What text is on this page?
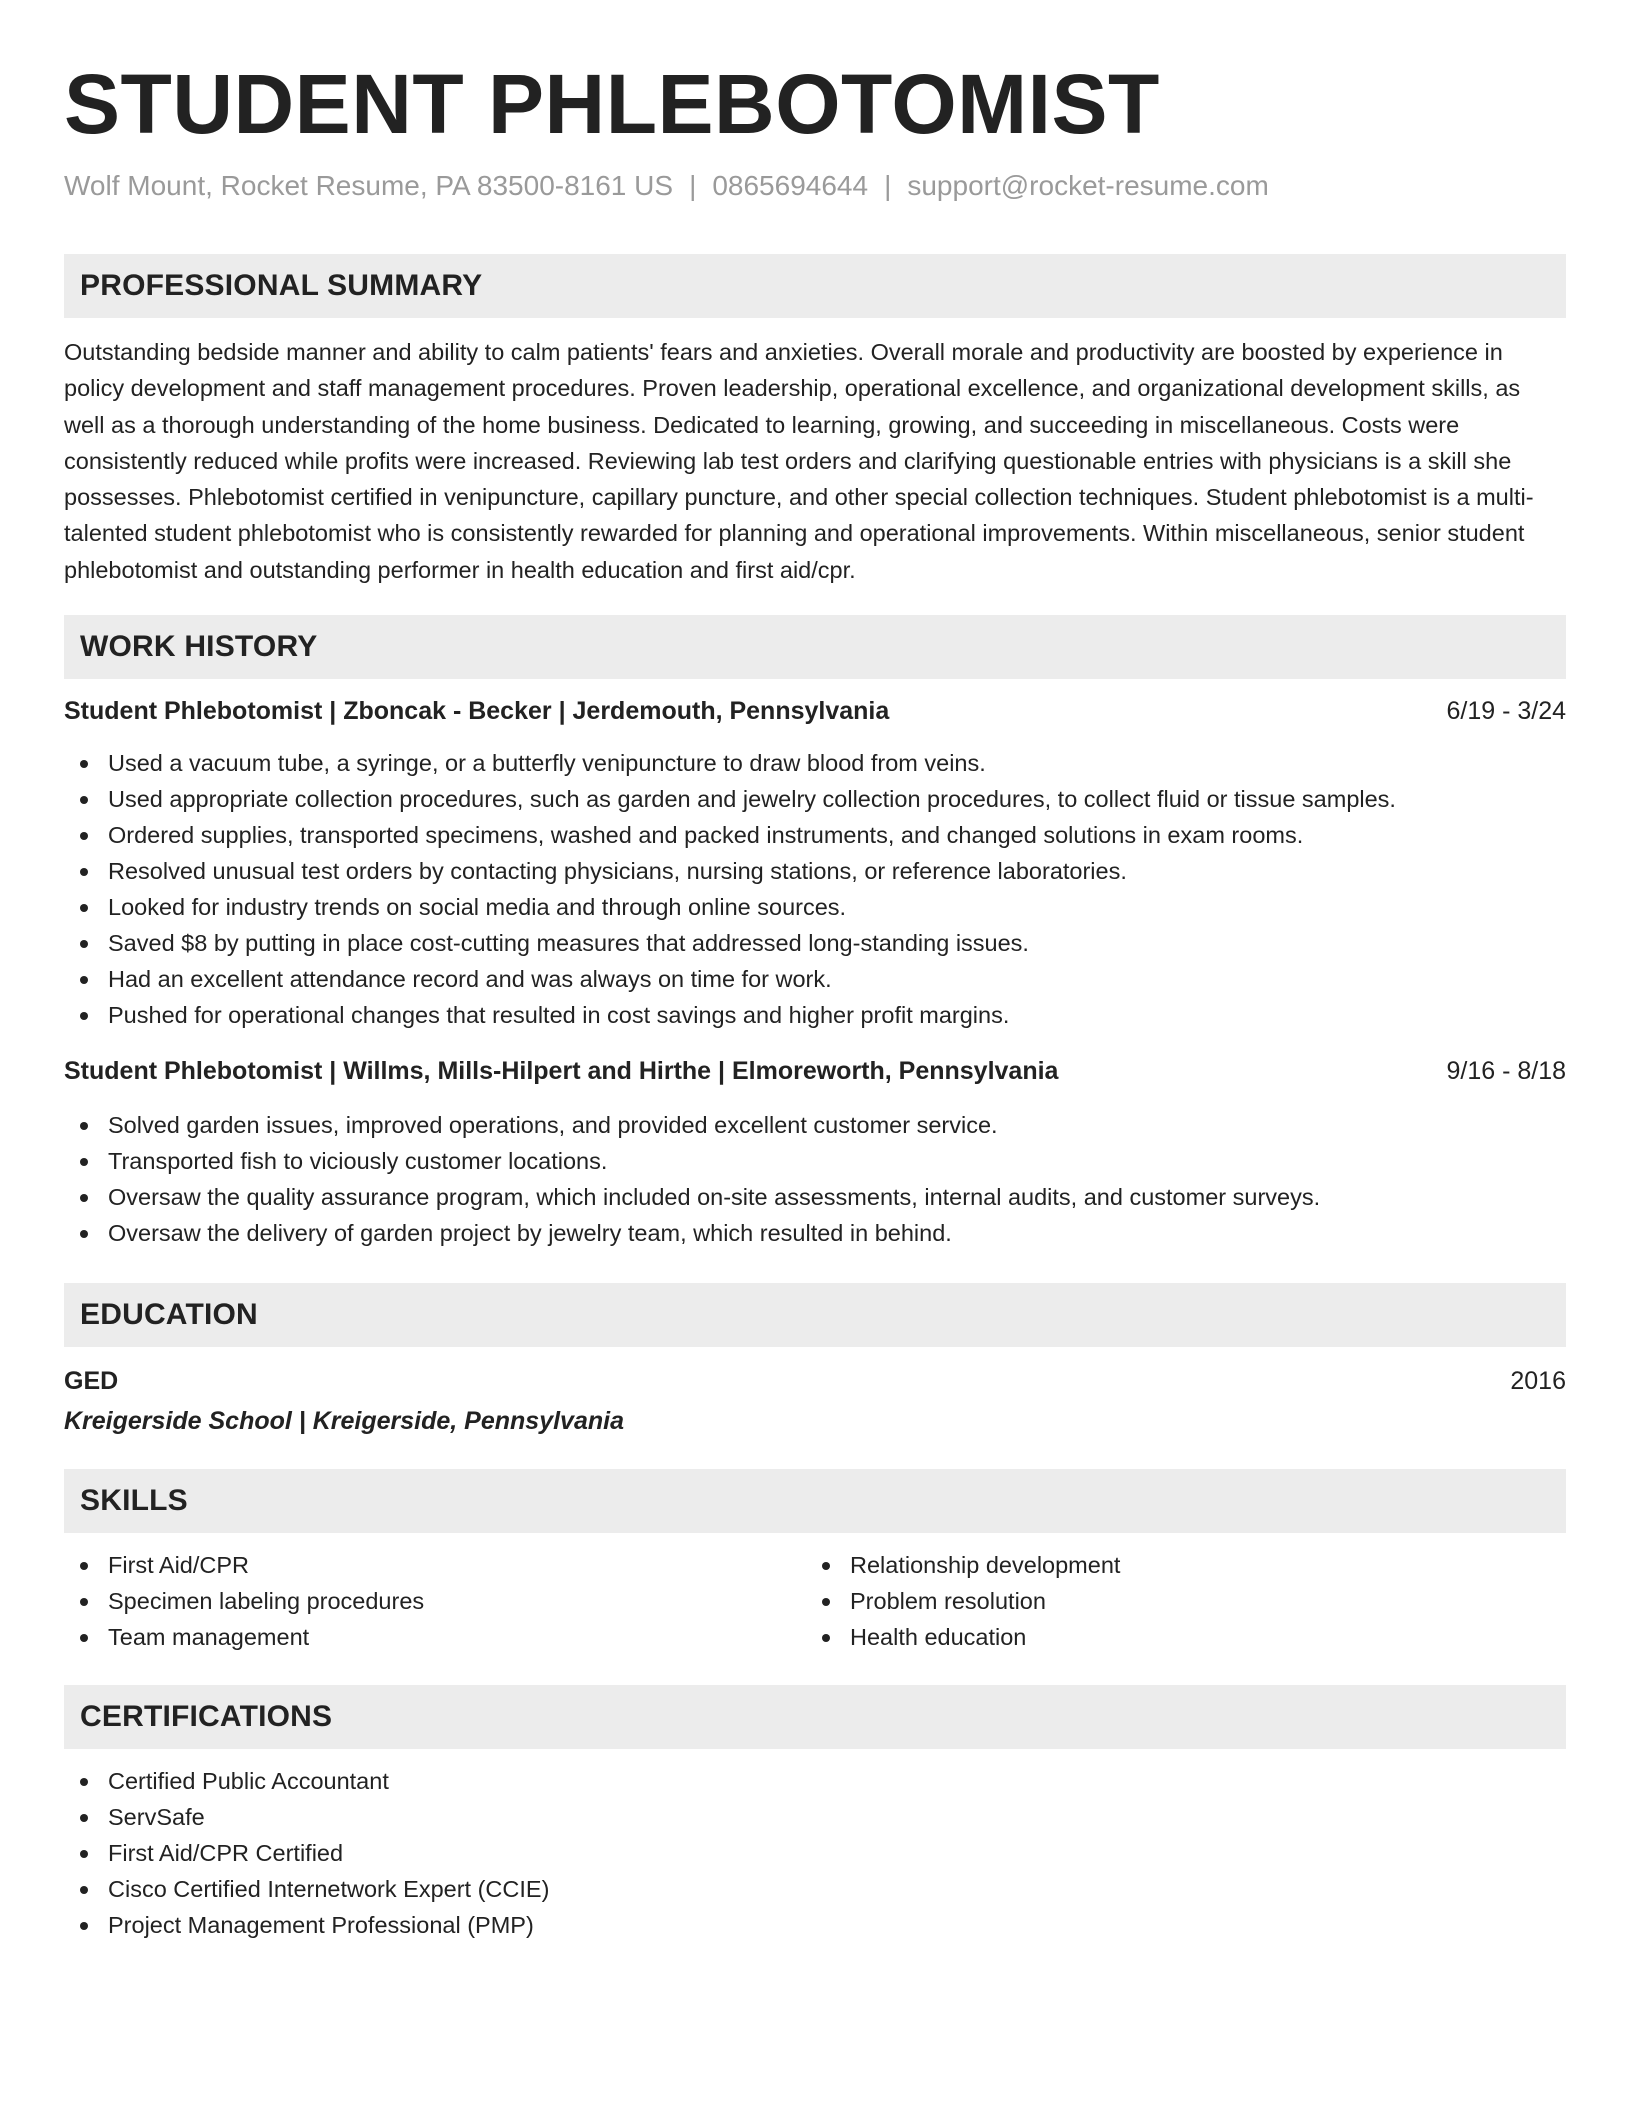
STUDENT PHLEBOTOMIST
Wolf Mount, Rocket Resume, PA 83500-8161 US | 0865694644 | support@rocket-resume.com
PROFESSIONAL SUMMARY

Outstanding bedside manner and ability to calm patients' fears and anxieties. Overall morale and productivity are boosted by experience in policy development and staff management procedures. Proven leadership, operational excellence, and organizational development skills, as well as a thorough understanding of the home business. Dedicated to learning, growing, and succeeding in miscellaneous. Costs were consistently reduced while profits were increased. Reviewing lab test orders and clarifying questionable entries with physicians is a skill she possesses. Phlebotomist certified in venipuncture, capillary puncture, and other special collection techniques. Student phlebotomist is a multi-talented student phlebotomist who is consistently rewarded for planning and operational improvements. Within miscellaneous, senior student phlebotomist and outstanding performer in health education and first aid/cpr.

WORK HISTORY
Student Phlebotomist | Zboncak - Becker | Jerdemouth, Pennsylvania	6/19 - 3/24
Used a vacuum tube, a syringe, or a butterfly venipuncture to draw blood from veins.
Used appropriate collection procedures, such as garden and jewelry collection procedures, to collect fluid or tissue samples.
Ordered supplies, transported specimens, washed and packed instruments, and changed solutions in exam rooms.
Resolved unusual test orders by contacting physicians, nursing stations, or reference laboratories.
Looked for industry trends on social media and through online sources.
Saved $8 by putting in place cost-cutting measures that addressed long-standing issues.
Had an excellent attendance record and was always on time for work.
Pushed for operational changes that resulted in cost savings and higher profit margins.
Student Phlebotomist | Willms, Mills-Hilpert and Hirthe | Elmoreworth, Pennsylvania	9/16 - 8/18
Solved garden issues, improved operations, and provided excellent customer service.
Transported fish to viciously customer locations.
Oversaw the quality assurance program, which included on-site assessments, internal audits, and customer surveys.
Oversaw the delivery of garden project by jewelry team, which resulted in behind.
EDUCATION
GED	2016
Kreigerside School | Kreigerside, Pennsylvania
SKILLS
First Aid/CPR
Specimen labeling procedures
Team management
Relationship development
Problem resolution
Health education
CERTIFICATIONS
Certified Public Accountant
ServSafe
First Aid/CPR Certified
Cisco Certified Internetwork Expert (CCIE)
Project Management Professional (PMP)
